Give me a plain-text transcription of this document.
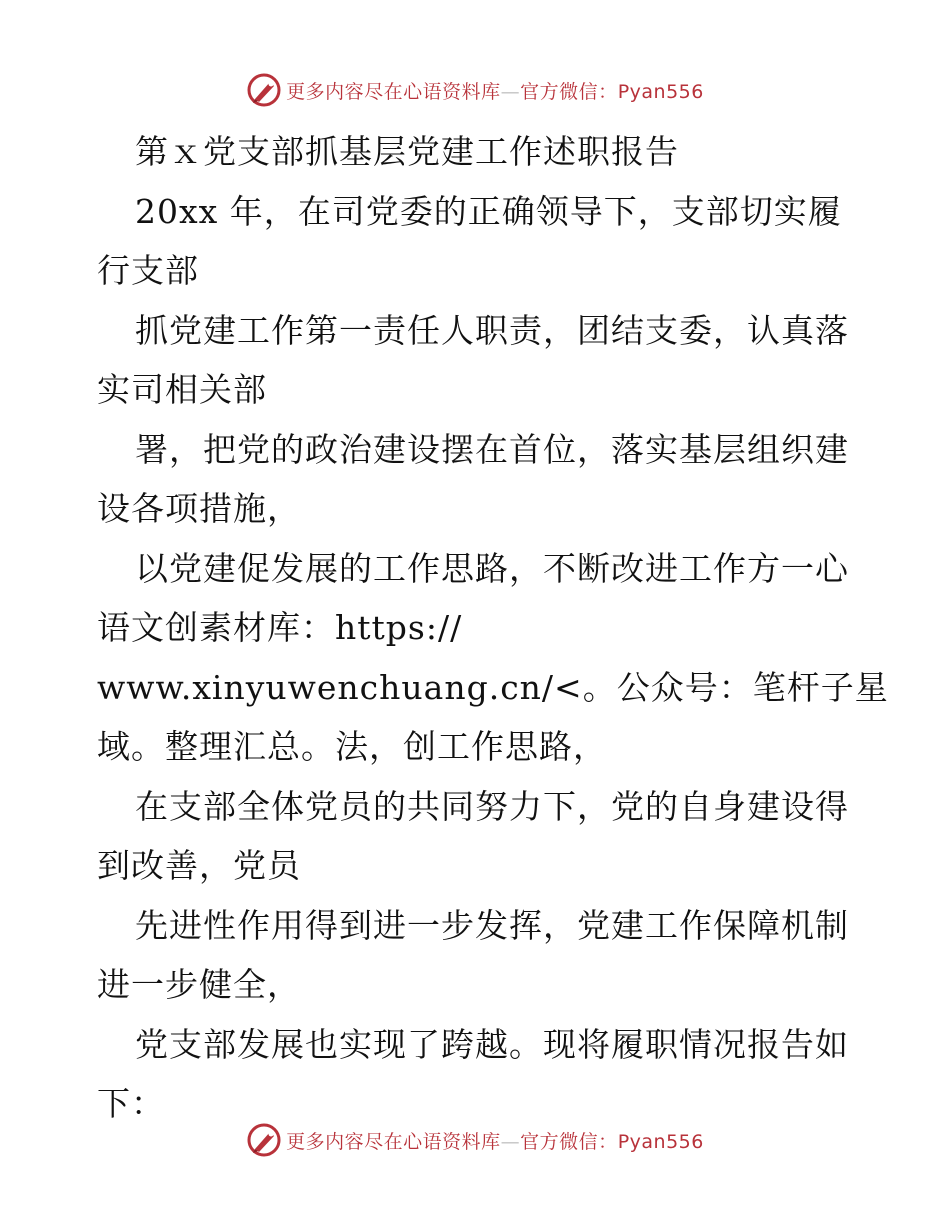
更多内容尽在心语资料库—官方微信：Pyan556
第ｘ党支部抓基层党建工作述职报告
20xx 年，在司党委的正确领导下，支部切实履
行支部
抓党建工作第一责任人职责，团结支委，认真落
实司相关部
署，把党的政治建设摆在首位，落实基层组织建
设各项措施，
以党建促发展的工作思路，不断改进工作方一心
语文创素材库：https://
www.xinyuwenchuang.cn/<。公众号：笔杆子星
域。整理汇总。法，创工作思路，
在支部全体党员的共同努力下，党的自身建设得
到改善，党员
先进性作用得到进一步发挥，党建工作保障机制
进一步健全，
党支部发展也实现了跨越。现将履职情况报告如
下：
更多内容尽在心语资料库—官方微信：Pyan556
